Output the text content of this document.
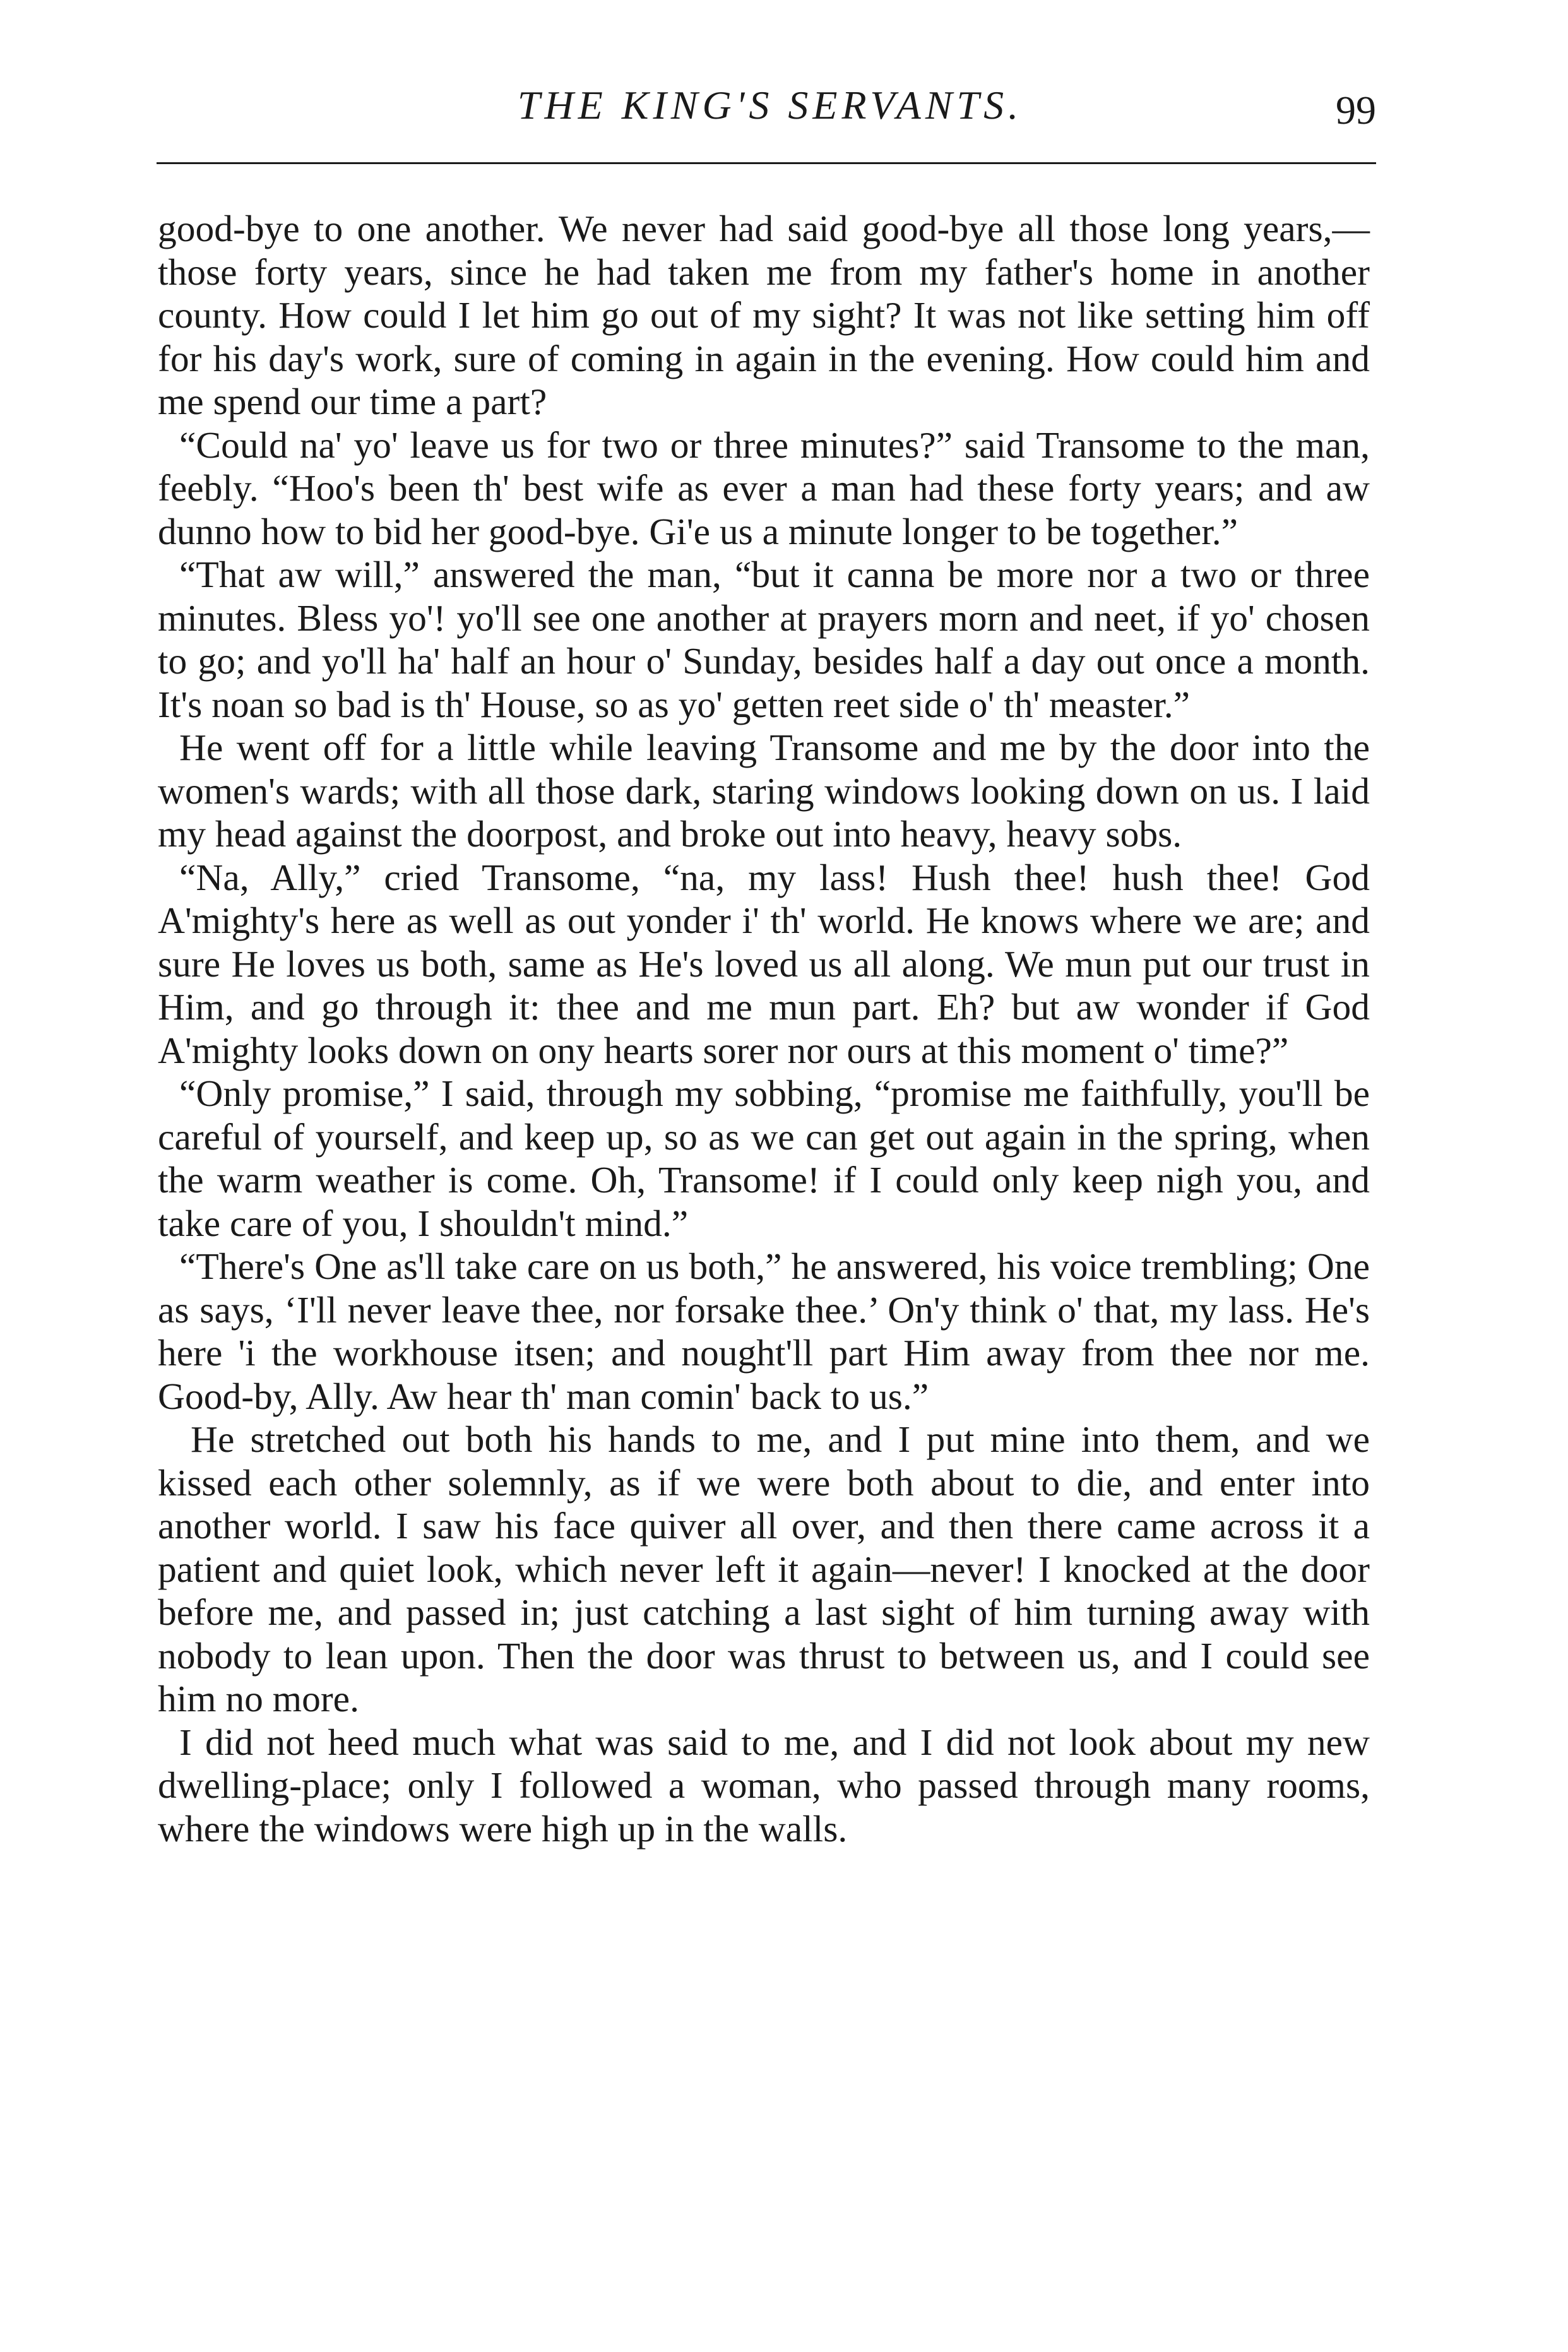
THE KING'S SERVANTS.	99

good-bye to one another. We never had said good-bye all those long years,—those forty years, since he had taken me from my father's home in another county. How could I let him go out of my sight? It was not like setting him off for his day's work, sure of coming in again in the evening. How could him and me spend our time a part?

“Could na' yo' leave us for two or three minutes?” said Transome to the man, feebly. “Hoo's been th' best wife as ever a man had these forty years; and aw dunno how to bid her good-bye. Gi'e us a minute longer to be together.”

“That aw will,” answered the man, “but it canna be more nor a two or three minutes. Bless yo'! yo'll see one another at prayers morn and neet, if yo' chosen to go; and yo'll ha' half an hour o' Sunday, besides half a day out once a month. It's noan so bad is th' House, so as yo' getten reet side o' th' measter.”

He went off for a little while leaving Transome and me by the door into the women's wards; with all those dark, staring windows looking down on us. I laid my head against the doorpost, and broke out into heavy, heavy sobs.

“Na, Ally,” cried Transome, “na, my lass! Hush thee! hush thee! God A'mighty's here as well as out yonder i' th' world. He knows where we are; and sure He loves us both, same as He's loved us all along. We mun put our trust in Him, and go through it: thee and me mun part. Eh? but aw wonder if God A'mighty looks down on ony hearts sorer nor ours at this moment o' time?”

“Only promise,” I said, through my sobbing, “promise me faithfully, you'll be careful of yourself, and keep up, so as we can get out again in the spring, when the warm weather is come. Oh, Transome! if I could only keep nigh you, and take care of you, I shouldn't mind.”

“There's One as'll take care on us both,” he answered, his voice trembling; One as says, ‘I'll never leave thee, nor forsake thee.’ On'y think o' that, my lass. He's here 'i the workhouse itsen; and nought'll part Him away from thee nor me. Good-by, Ally. Aw hear th' man comin' back to us.”

He stretched out both his hands to me, and I put mine into them, and we kissed each other solemnly, as if we were both about to die, and enter into another world. I saw his face quiver all over, and then there came across it a patient and quiet look, which never left it again—never! I knocked at the door before me, and passed in; just catching a last sight of him turning away with nobody to lean upon. Then the door was thrust to between us, and I could see him no more.

I did not heed much what was said to me, and I did not look about my new dwelling-place; only I followed a woman, who passed through many rooms, where the windows were high up in the walls.
